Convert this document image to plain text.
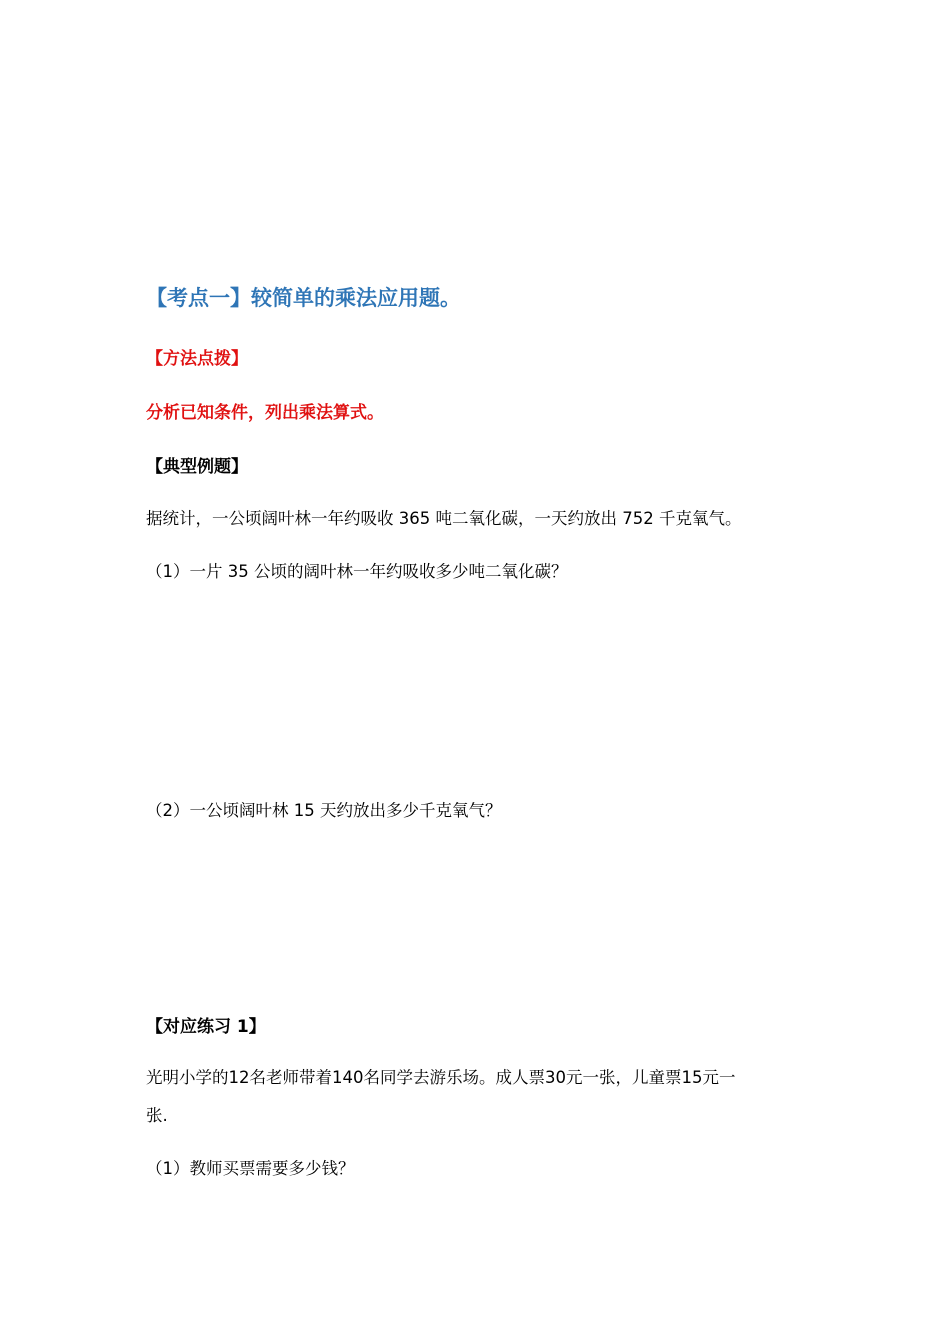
【考点一】较简单的乘法应用题。

【方法点拨】

分析已知条件，列出乘法算式。

【典型例题】

据统计，一公顷阔叶林一年约吸收 365 吨二氧化碳，一天约放出 752 千克氧气。

（1）一片 35 公顷的阔叶林一年约吸收多少吨二氧化碳？

（2）一公顷阔叶林 15 天约放出多少千克氧气？

【对应练习 1】

光明小学的12名老师带着140名同学去游乐场。成人票30元一张，儿童票15元一

张.

（1）教师买票需要多少钱？
